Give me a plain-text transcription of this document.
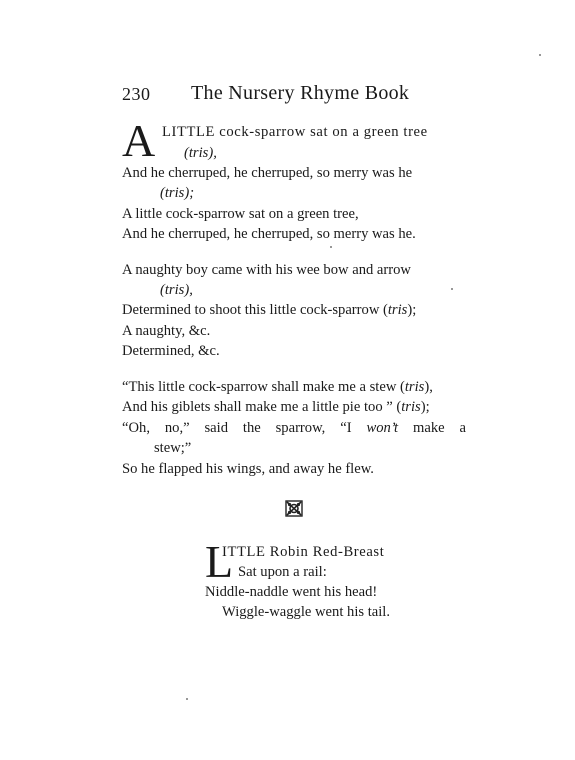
230 The Nursery Rhyme Book
A LITTLE cock-sparrow sat on a green tree
(tris),
And he cherruped, he cherruped, so merry was he
(tris);
A little cock-sparrow sat on a green tree,
And he cherruped, he cherruped, so merry was he.
A naughty boy came with his wee bow and arrow
(tris),
Determined to shoot this little cock-sparrow (tris);
A naughty, &c.
Determined, &c.
“This little cock-sparrow shall make me a stew (tris),
And his giblets shall make me a little pie too ” (tris);
“Oh, no,” said the sparrow, “I won’t make a
stew;”
So he flapped his wings, and away he flew.
L
ITTLE Robin Red-Breast
Sat upon a rail:
Niddle-naddle went his head!
Wiggle-waggle went his tail.
